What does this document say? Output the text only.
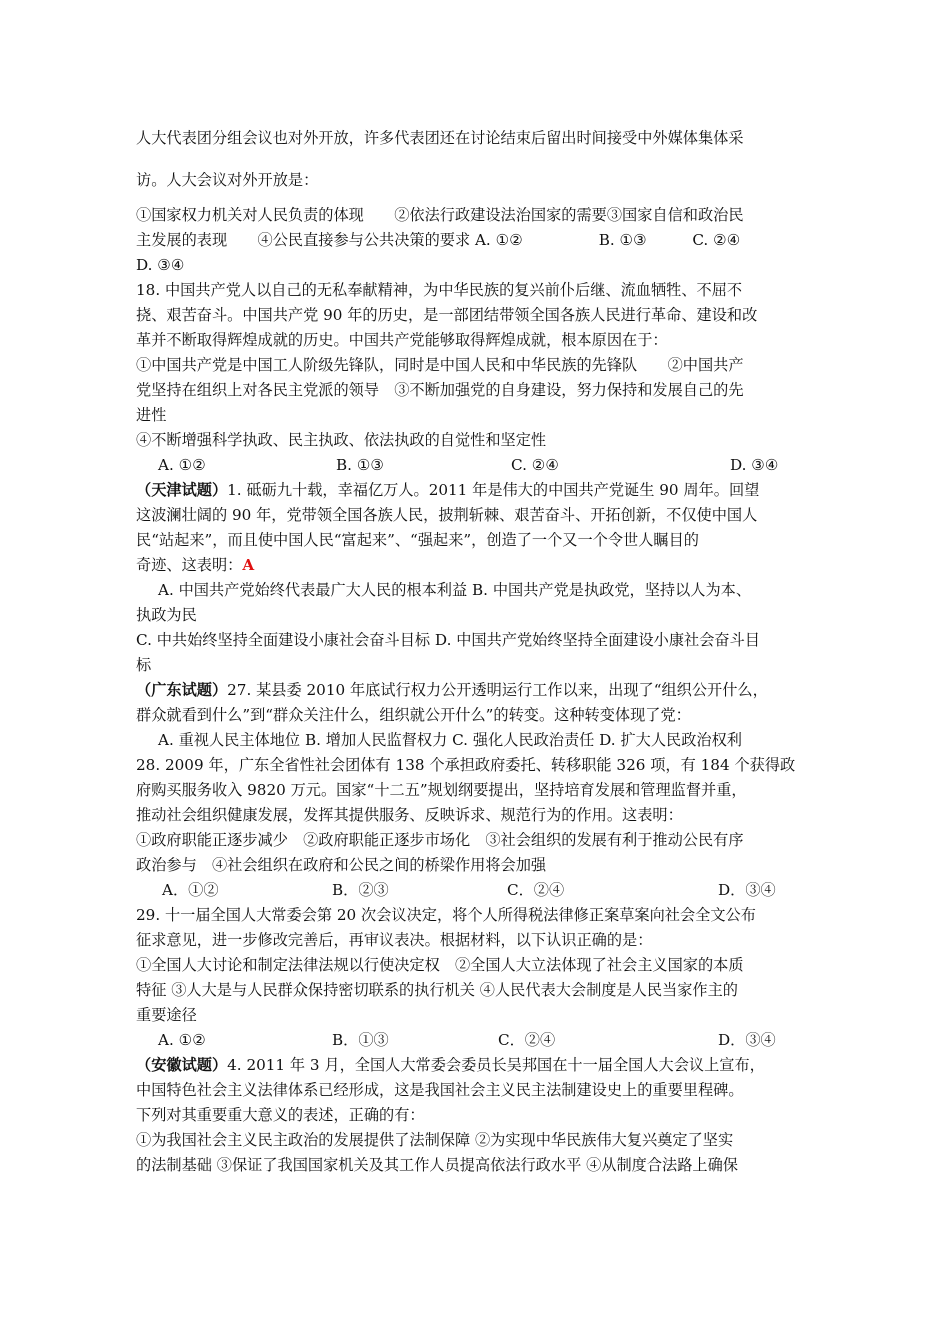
人大代表团分组会议也对外开放，许多代表团还在讨论结束后留出时间接受中外媒体集体采
访。人大会议对外开放是：
①国家权力机关对人民负责的体现　　②依法行政建设法治国家的需要③国家自信和政治民
主发展的表现　　④公民直接参与公共决策的要求 A. ①②　　　　　B. ①③　　　C. ②④
D. ③④
18. 中国共产党人以自己的无私奉献精神，为中华民族的复兴前仆后继、流血牺牲、不屈不
挠、艰苦奋斗。中国共产党 90 年的历史，是一部团结带领全国各族人民进行革命、建设和改
革并不断取得辉煌成就的历史。中国共产党能够取得辉煌成就，根本原因在于：
①中国共产党是中国工人阶级先锋队，同时是中国人民和中华民族的先锋队　　②中国共产
党坚持在组织上对各民主党派的领导　③不断加强党的自身建设，努力保持和发展自己的先
进性
④不断增强科学执政、民主执政、依法执政的自觉性和坚定性
A. ①②	B. ①③	C. ②④	D. ③④
（天津试题）1. 砥砺九十载，幸福亿万人。2011 年是伟大的中国共产党诞生 90 周年。回望
这波澜壮阔的 90 年，党带领全国各族人民，披荆斩棘、艰苦奋斗、开拓创新，不仅使中国人
民“站起来”，而且使中国人民“富起来”、“强起来”，创造了一个又一个令世人瞩目的
奇迹、这表明：A
A. 中国共产党始终代表最广大人民的根本利益 B. 中国共产党是执政党，坚持以人为本、
执政为民
C. 中共始终坚持全面建设小康社会奋斗目标 D. 中国共产党始终坚持全面建设小康社会奋斗目
标
（广东试题）27. 某县委 2010 年底试行权力公开透明运行工作以来，出现了“组织公开什么，
群众就看到什么”到“群众关注什么，组织就公开什么”的转变。这种转变体现了党：
A. 重视人民主体地位 B. 增加人民监督权力 C. 强化人民政治责任 D. 扩大人民政治权利
28. 2009 年，广东全省性社会团体有 138 个承担政府委托、转移职能 326 项，有 184 个获得政
府购买服务收入 9820 万元。国家“十二五”规划纲要提出，坚持培育发展和管理监督并重，
推动社会组织健康发展，发挥其提供服务、反映诉求、规范行为的作用。这表明：
①政府职能正逐步减少　②政府职能正逐步市场化　③社会组织的发展有利于推动公民有序
政治参与　④社会组织在政府和公民之间的桥梁作用将会加强
A．①②	B．②③	C．②④	D．③④
29. 十一届全国人大常委会第 20 次会议决定，将个人所得税法律修正案草案向社会全文公布
征求意见，进一步修改完善后，再审议表决。根据材料，以下认识正确的是：
①全国人大讨论和制定法律法规以行使决定权　②全国人大立法体现了社会主义国家的本质
特征 ③人大是与人民群众保持密切联系的执行机关 ④人民代表大会制度是人民当家作主的
重要途径
A. ①②	B．①③	C．②④	D．③④
（安徽试题）4. 2011 年 3 月，全国人大常委会委员长吴邦国在十一届全国人大会议上宣布，
中国特色社会主义法律体系已经形成，这是我国社会主义民主法制建设史上的重要里程碑。
下列对其重要重大意义的表述，正确的有：
①为我国社会主义民主政治的发展提供了法制保障 ②为实现中华民族伟大复兴奠定了坚实
的法制基础 ③保证了我国国家机关及其工作人员提高依法行政水平 ④从制度合法路上确保
